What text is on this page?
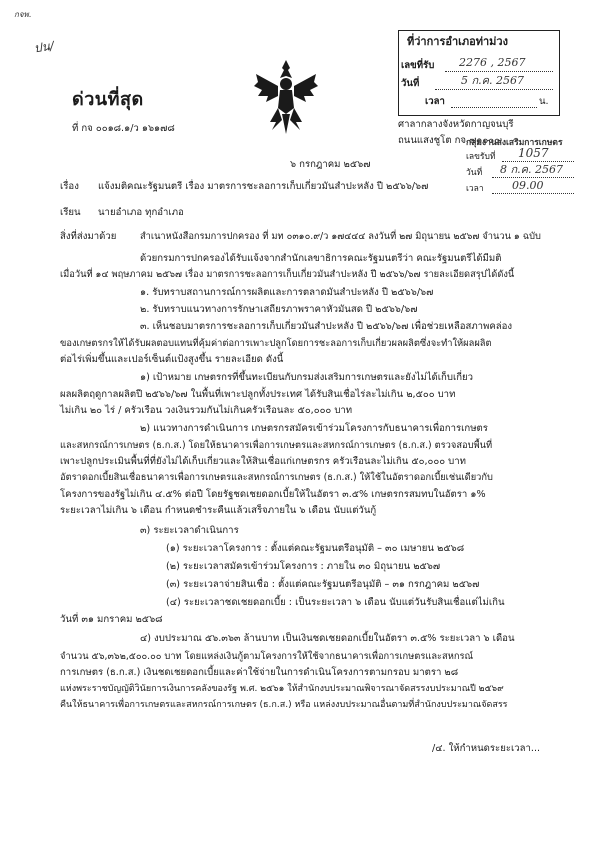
กจพ.
ปน/
ด่วนที่สุด
ที่ กจ ๐๐๑๘.๑/ว ๑๖๑๗๘
ที่ว่าการอำเภอท่าม่วง
เลขที่รับ 2276 , 2567
วันที่	5 ก.ค. 2567
เวลา	น.
ศาลากลางจังหวัดกาญจนบุรี
ถนนแสงชูโต กจ ๗๑๐๐๐
กลุ่มงานส่งเสริมการเกษตร
เลขรับที่ 1057
วันที่ 8 ก.ค. 2567
เวลา	09.00
๖ กรกฎาคม ๒๕๖๗
เรื่อง แจ้งมติคณะรัฐมนตรี เรื่อง มาตรการชะลอการเก็บเกี่ยวมันสำปะหลัง ปี ๒๕๖๖/๖๗
เรียน นายอำเภอ ทุกอำเภอ
สิ่งที่ส่งมาด้วย	สำเนาหนังสือกรมการปกครอง ที่ มท ๐๓๑๐.๙/ว ๑๗๔๔๔ ลงวันที่ ๒๗ มิถุนายน ๒๕๖๗ จำนวน ๑ ฉบับ
ด้วยกรมการปกครองได้รับแจ้งจากสำนักเลขาธิการคณะรัฐมนตรีว่า คณะรัฐมนตรีได้มีมติ
เมื่อวันที่ ๑๔ พฤษภาคม ๒๕๖๗ เรื่อง มาตรการชะลอการเก็บเกี่ยวมันสำปะหลัง ปี ๒๕๖๖/๖๗ รายละเอียดสรุปได้ดังนี้
๑. รับทราบสถานการณ์การผลิตและการตลาดมันสำปะหลัง ปี ๒๕๖๖/๖๗
๒. รับทราบแนวทางการรักษาเสถียรภาพราคาหัวมันสด ปี ๒๕๖๖/๖๗
๓. เห็นชอบมาตรการชะลอการเก็บเกี่ยวมันสำปะหลัง ปี ๒๕๖๖/๖๗ เพื่อช่วยเหลือสภาพคล่อง
ของเกษตรกรให้ได้รับผลตอบแทนที่คุ้มค่าต่อการเพาะปลูกโดยการชะลอการเก็บเกี่ยวผลผลิตซึ่งจะทำให้ผลผลิต
ต่อไร่เพิ่มขึ้นและเปอร์เซ็นต์แป้งสูงขึ้น รายละเอียด ดังนี้
๑) เป้าหมาย เกษตรกรที่ขึ้นทะเบียนกับกรมส่งเสริมการเกษตรและยังไม่ได้เก็บเกี่ยว
ผลผลิตฤดูกาลผลิตปี ๒๕๖๖/๖๗ ในพื้นที่เพาะปลูกทั้งประเทศ ได้รับสินเชื่อไร่ละไม่เกิน ๒,๕๐๐ บาท
ไม่เกิน ๒๐ ไร่ / ครัวเรือน วงเงินรวมกันไม่เกินครัวเรือนละ ๕๐,๐๐๐ บาท
๒) แนวทางการดำเนินการ เกษตรกรสมัครเข้าร่วมโครงการกับธนาคารเพื่อการเกษตร
และสหกรณ์การเกษตร (ธ.ก.ส.) โดยให้ธนาคารเพื่อการเกษตรและสหกรณ์การเกษตร (ธ.ก.ส.) ตรวจสอบพื้นที่
เพาะปลูกประเมินพื้นที่ที่ยังไม่ได้เก็บเกี่ยวและให้สินเชื่อแก่เกษตรกร ครัวเรือนละไม่เกิน ๕๐,๐๐๐ บาท
อัตราดอกเบี้ยสินเชื่อธนาคารเพื่อการเกษตรและสหกรณ์การเกษตร (ธ.ก.ส.) ให้ใช้ในอัตราดอกเบี้ยเช่นเดียวกับ
โครงการของรัฐไม่เกิน ๔.๕% ต่อปี โดยรัฐชดเชยดอกเบี้ยให้ในอัตรา ๓.๕% เกษตรกรสมทบในอัตรา ๑%
ระยะเวลาไม่เกิน ๖ เดือน กำหนดชำระคืนแล้วเสร็จภายใน ๖ เดือน นับแต่วันกู้
๓) ระยะเวลาดำเนินการ
(๑) ระยะเวลาโครงการ : ตั้งแต่คณะรัฐมนตรีอนุมัติ – ๓๐ เมษายน ๒๕๖๘
(๒) ระยะเวลาสมัครเข้าร่วมโครงการ : ภายใน ๓๐ มิถุนายน ๒๕๖๗
(๓) ระยะเวลาจ่ายสินเชื่อ : ตั้งแต่คณะรัฐมนตรีอนุมัติ – ๓๑ กรกฎาคม ๒๕๖๗
(๔) ระยะเวลาชดเชยดอกเบี้ย : เป็นระยะเวลา ๖ เดือน นับแต่วันรับสินเชื่อแต่ไม่เกิน
วันที่ ๓๑ มกราคม ๒๕๖๘
๔) งบประมาณ ๕๖.๓๖๓ ล้านบาท เป็นเงินชดเชยดอกเบี้ยในอัตรา ๓.๕% ระยะเวลา ๖ เดือน
จำนวน ๕๖,๓๖๒,๕๐๐.๐๐ บาท โดยแหล่งเงินกู้ตามโครงการให้ใช้จากธนาคารเพื่อการเกษตรและสหกรณ์
การเกษตร (ธ.ก.ส.) เงินชดเชยดอกเบี้ยและค่าใช้จ่ายในการดำเนินโครงการตามกรอบ มาตรา ๒๘
แห่งพระราชบัญญัติวินัยการเงินการคลังของรัฐ พ.ศ. ๒๕๖๑ ให้สำนักงบประมาณพิจารณาจัดสรรงบประมาณปี ๒๕๖๙
คืนให้ธนาคารเพื่อการเกษตรและสหกรณ์การเกษตร (ธ.ก.ส.) หรือ แหล่งงบประมาณอื่นตามที่สำนักงบประมาณจัดสรร
/๔. ให้กำหนดระยะเวลา...
